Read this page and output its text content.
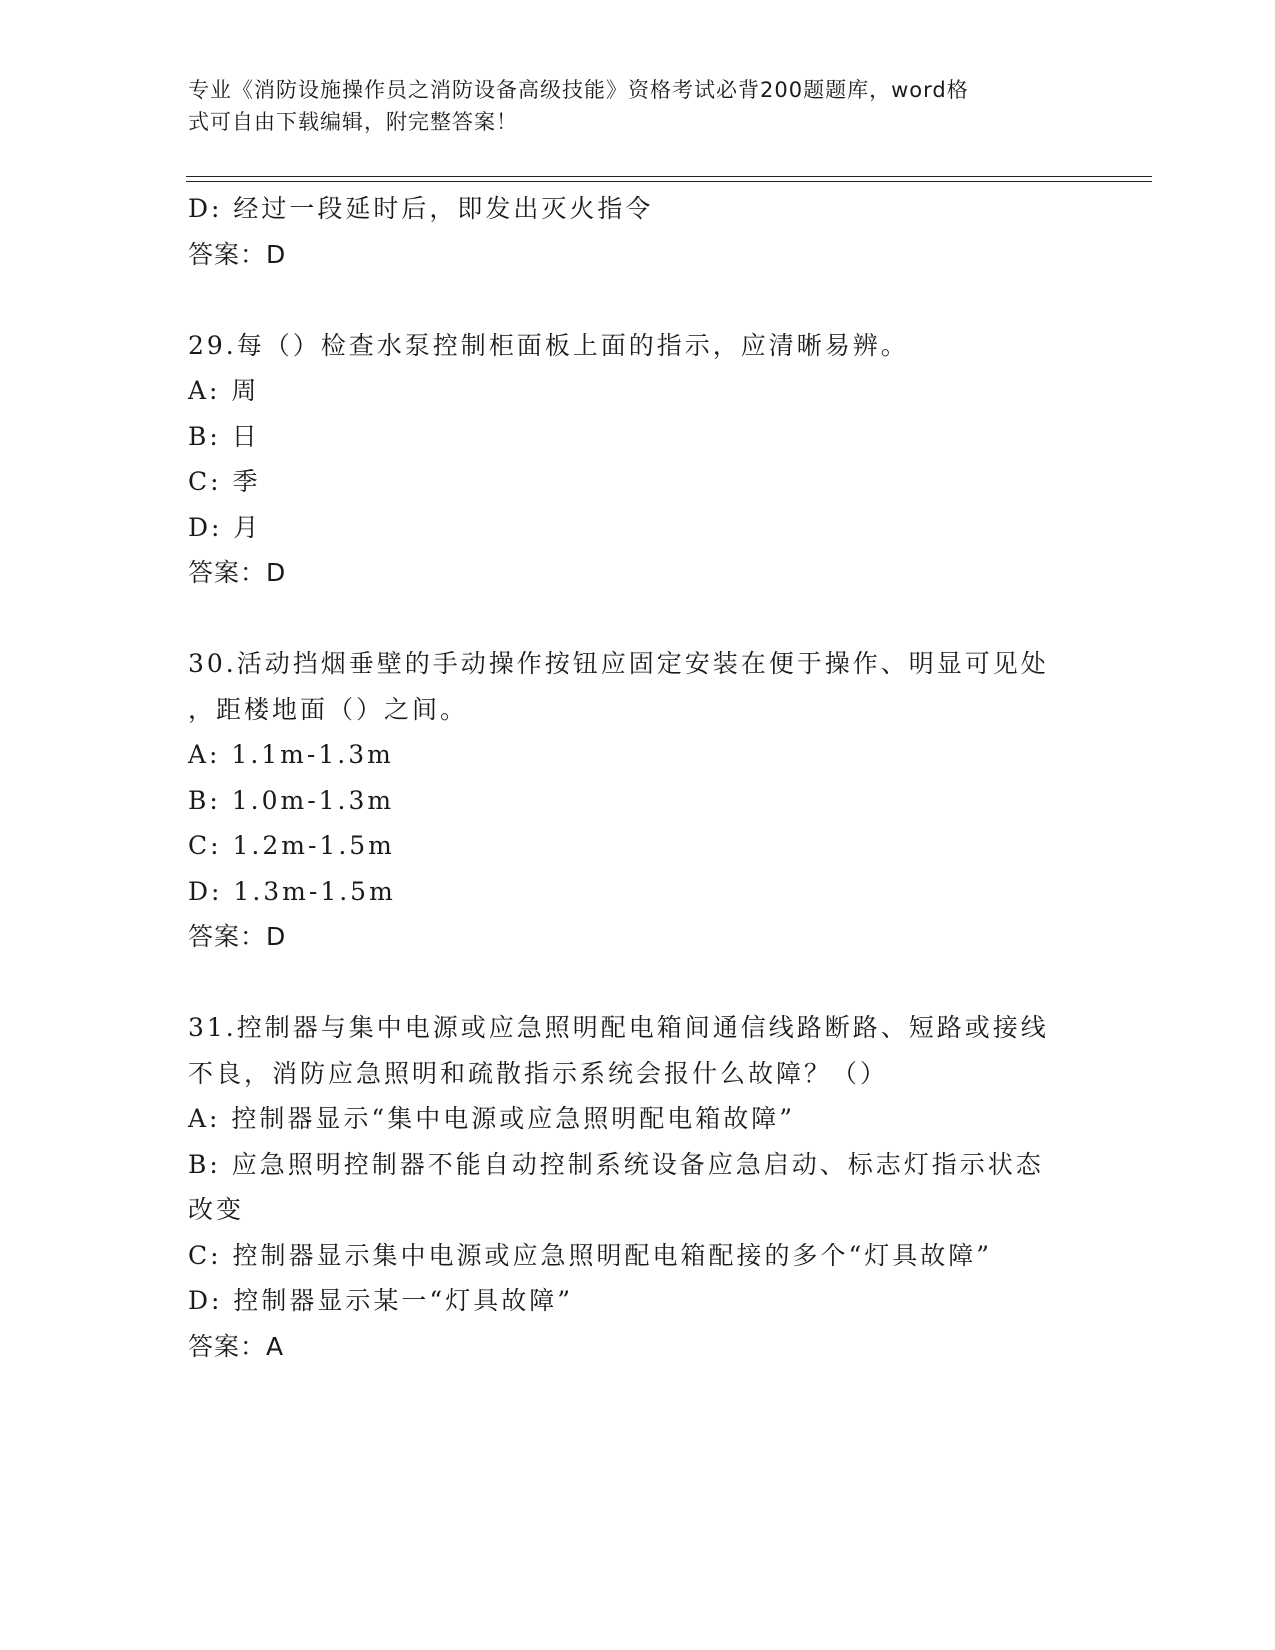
专业《消防设施操作员之消防设备高级技能》资格考试必背200题题库，word格
式可自由下载编辑，附完整答案！
D: 经过一段延时后，即发出灭火指令
答案：D
29.每（）检查水泵控制柜面板上面的指示，应清晰易辨。
A: 周
B: 日
C: 季
D: 月
答案：D
30.活动挡烟垂壁的手动操作按钮应固定安装在便于操作、明显可见处
，距楼地面（）之间。
A: 1.1m-1.3m
B: 1.0m-1.3m
C: 1.2m-1.5m
D: 1.3m-1.5m
答案：D
31.控制器与集中电源或应急照明配电箱间通信线路断路、短路或接线
不良，消防应急照明和疏散指示系统会报什么故障？（）
A: 控制器显示“集中电源或应急照明配电箱故障”
B: 应急照明控制器不能自动控制系统设备应急启动、标志灯指示状态
改变
C: 控制器显示集中电源或应急照明配电箱配接的多个“灯具故障”
D: 控制器显示某一“灯具故障”
答案：A
